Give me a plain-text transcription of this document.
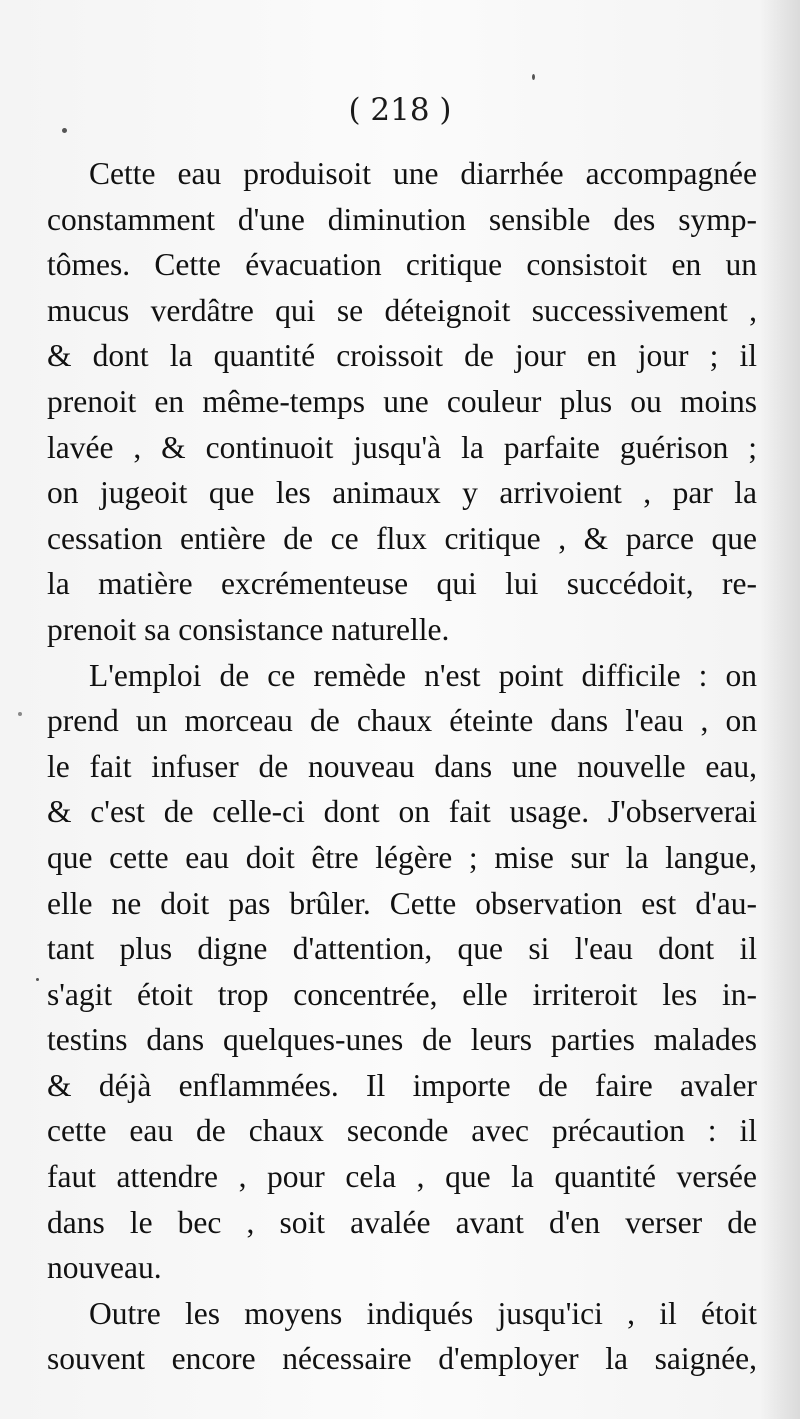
( 218 )
Cette eau produisoit une diarrhée accompagnée
constamment d'une diminution sensible des symp-
tômes. Cette évacuation critique consistoit en un
mucus verdâtre qui se déteignoit successivement ,
& dont la quantité croissoit de jour en jour ; il
prenoit en même-temps une couleur plus ou moins
lavée , & continuoit jusqu'à la parfaite guérison ;
on jugeoit que les animaux y arrivoient , par la
cessation entière de ce flux critique , & parce que
la matière excrémenteuse qui lui succédoit, re-
prenoit sa consistance naturelle.
L'emploi de ce remède n'est point difficile : on
prend un morceau de chaux éteinte dans l'eau , on
le fait infuser de nouveau dans une nouvelle eau,
& c'est de celle-ci dont on fait usage. J'observerai
que cette eau doit être légère ; mise sur la langue,
elle ne doit pas brûler. Cette observation est d'au-
tant plus digne d'attention, que si l'eau dont il
s'agit étoit trop concentrée, elle irriteroit les in-
testins dans quelques-unes de leurs parties malades
& déjà enflammées. Il importe de faire avaler
cette eau de chaux seconde avec précaution : il
faut attendre , pour cela , que la quantité versée
dans le bec , soit avalée avant d'en verser de
nouveau.
Outre les moyens indiqués jusqu'ici , il étoit
souvent encore nécessaire d'employer la saignée,
